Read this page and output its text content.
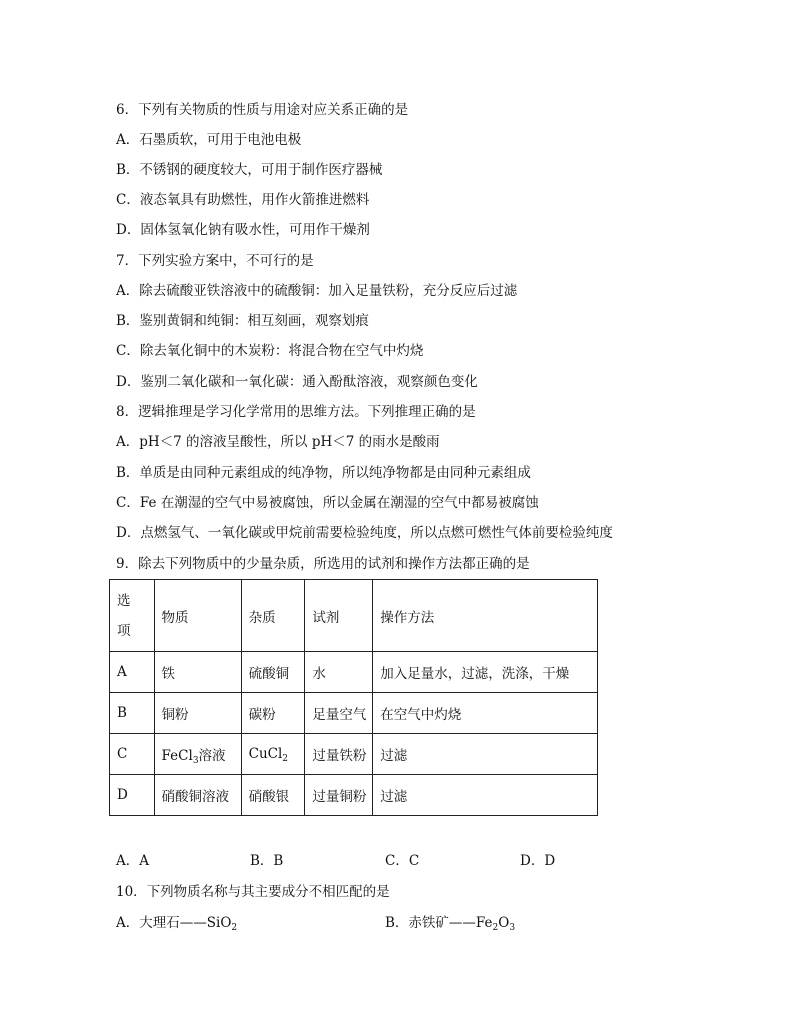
6．下列有关物质的性质与用途对应关系正确的是
A．石墨质软，可用于电池电极
B．不锈钢的硬度较大，可用于制作医疗器械
C．液态氧具有助燃性，用作火箭推进燃料
D．固体氢氧化钠有吸水性，可用作干燥剂
7．下列实验方案中，不可行的是
A．除去硫酸亚铁溶液中的硫酸铜：加入足量铁粉，充分反应后过滤
B．鉴别黄铜和纯铜：相互刻画，观察划痕
C．除去氧化铜中的木炭粉：将混合物在空气中灼烧
D．鉴别二氧化碳和一氧化碳：通入酚酞溶液，观察颜色变化
8．逻辑推理是学习化学常用的思维方法。下列推理正确的是
A．pH＜7 的溶液呈酸性，所以 pH＜7 的雨水是酸雨
B．单质是由同种元素组成的纯净物，所以纯净物都是由同种元素组成
C．Fe 在潮湿的空气中易被腐蚀，所以金属在潮湿的空气中都易被腐蚀
D．点燃氢气、一氧化碳或甲烷前需要检验纯度，所以点燃可燃性气体前要检验纯度
9．除去下列物质中的少量杂质，所选用的试剂和操作方法都正确的是
选
项	物质	杂质	试剂	操作方法
A	铁	硫酸铜	水	加入足量水，过滤，洗涤，干燥
B	铜粉	碳粉	足量空气	在空气中灼烧
C	FeCl$_3$溶液	CuCl$_2$	过量铁粉	过滤
D	硝酸铜溶液	硝酸银	过量铜粉	过滤
A．A	B．B	C．C	D．D
10．下列物质名称与其主要成分不相匹配的是
A．大理石——SiO$_2$	B．赤铁矿$——Fe_2O_3$
